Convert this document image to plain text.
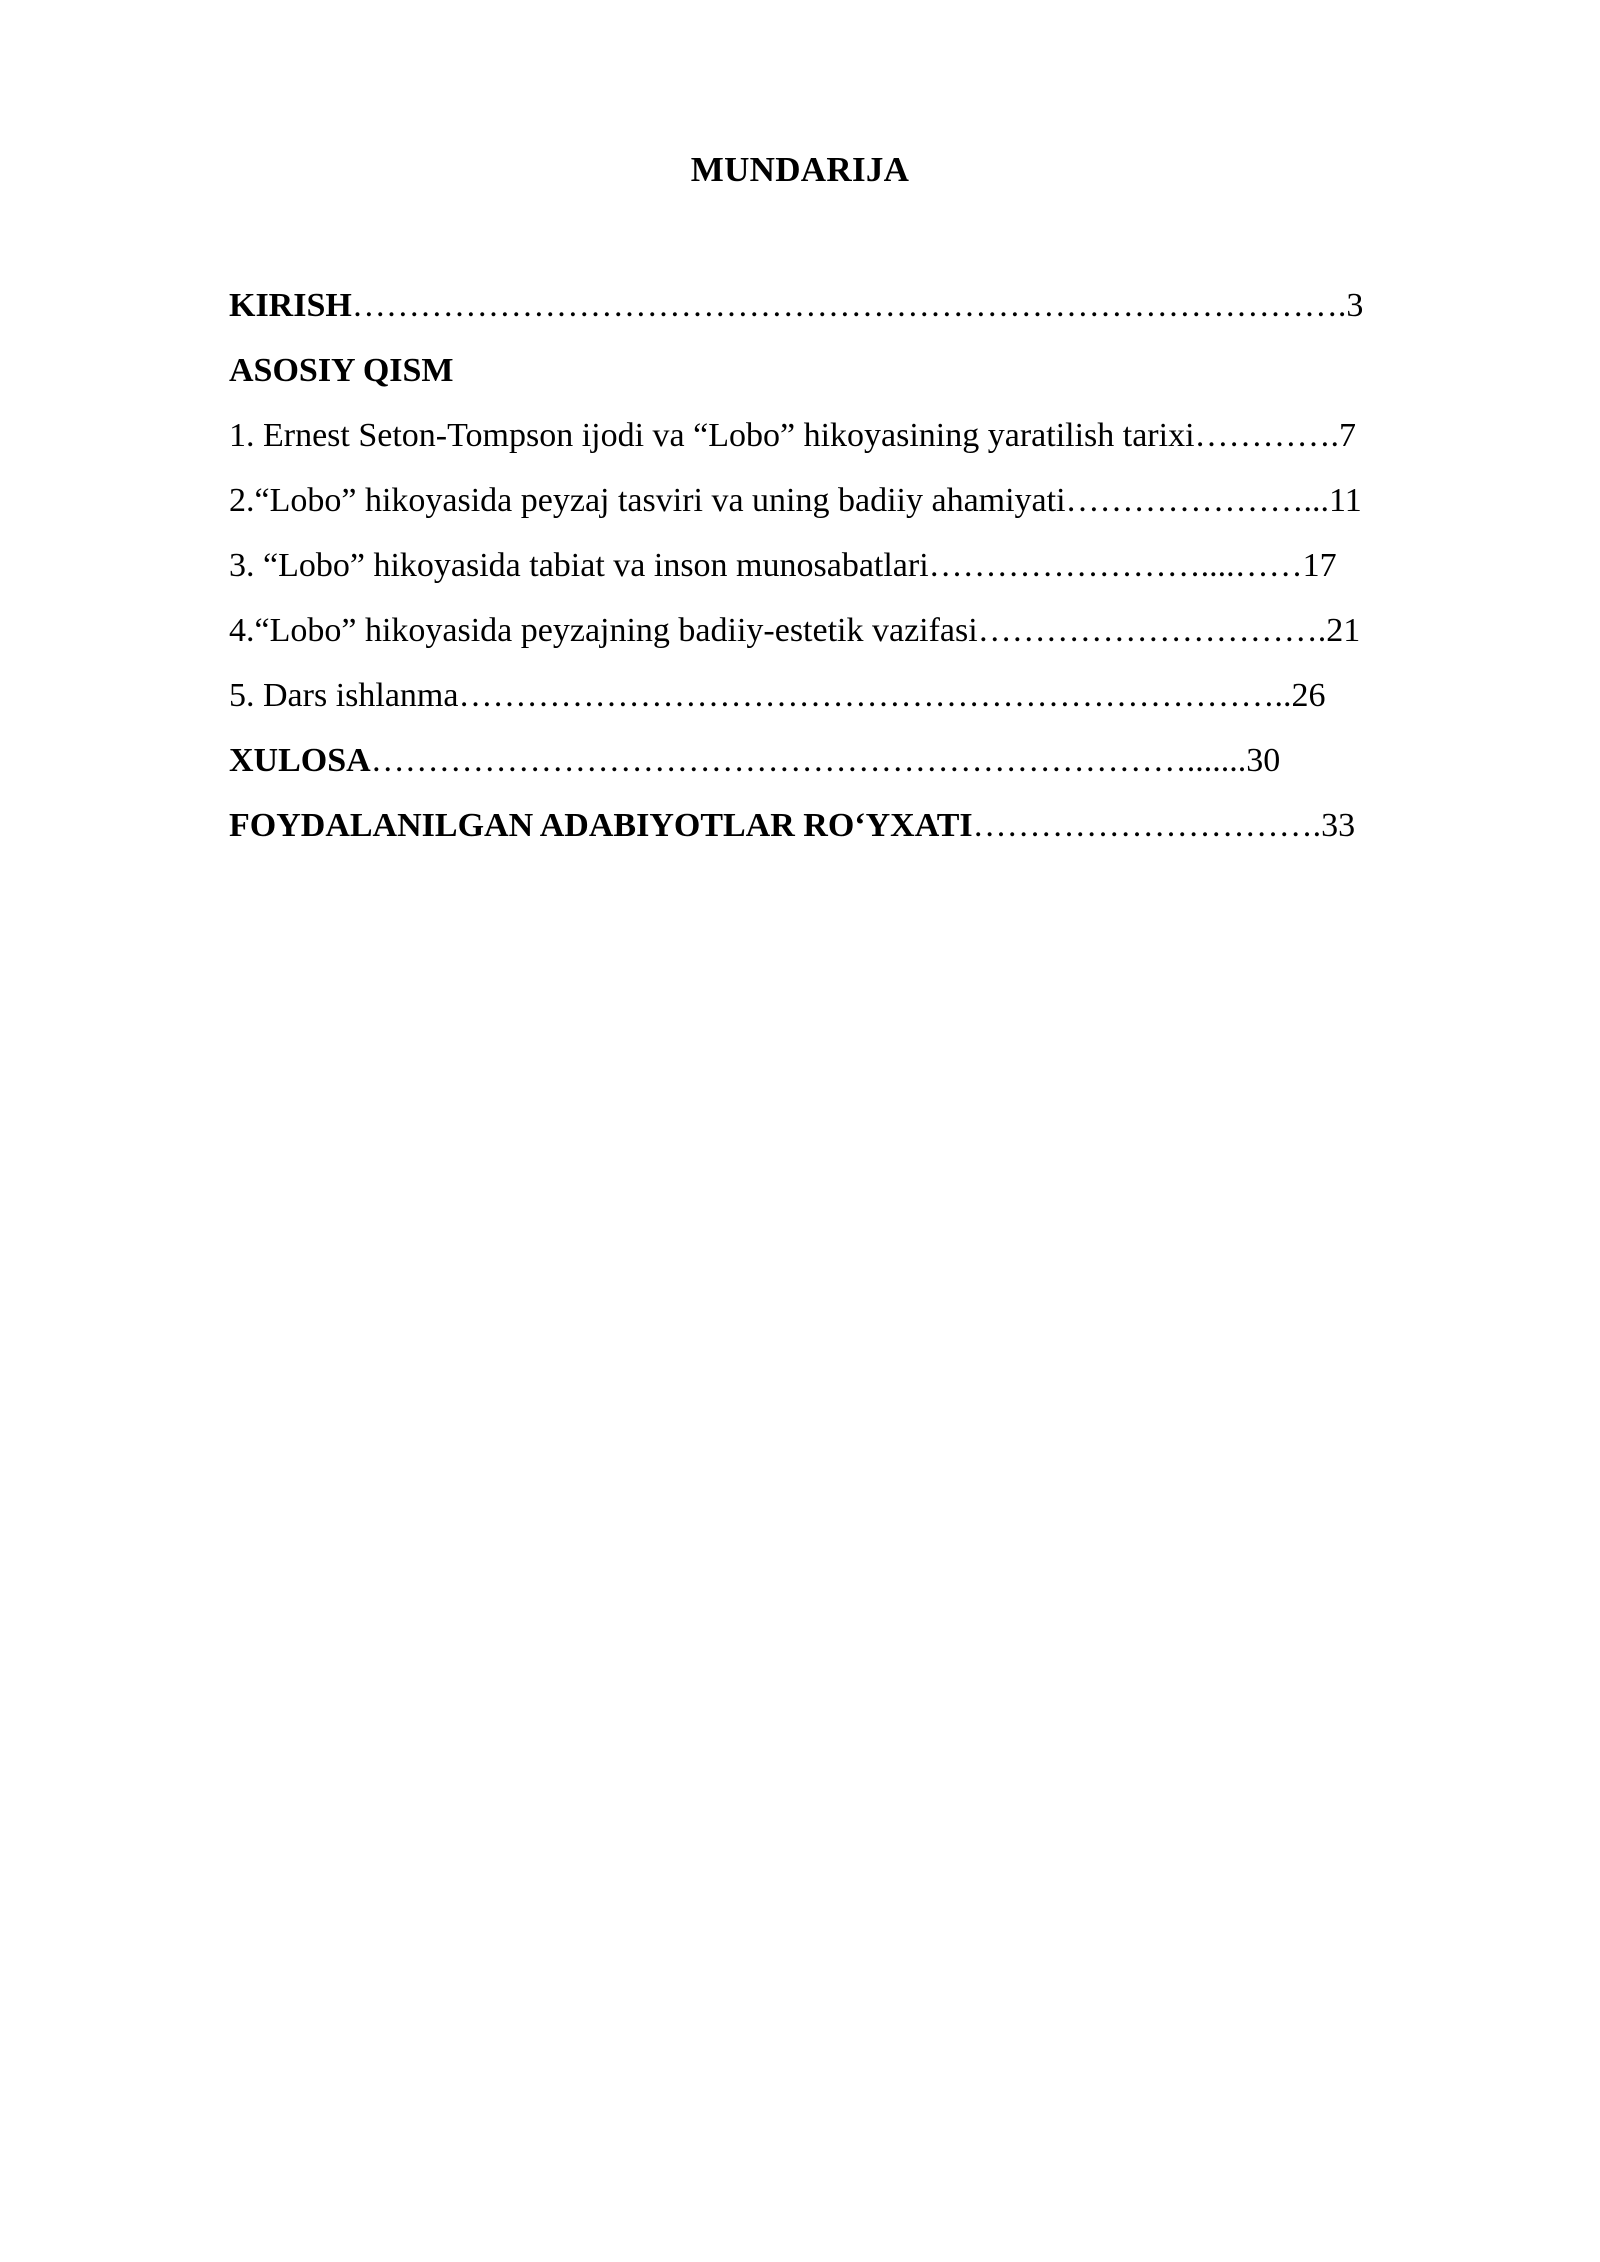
MUNDARIJA
KIRISH…………………………………………………………………………….3
ASOSIY QISM
1. Ernest Seton-Tompson ijodi va “Lobo” hikoyasining yaratilish tarixi………….7
2.“Lobo” hikoyasida peyzaj tasviri va uning badiiy ahamiyati…………………...11
3. “Lobo” hikoyasida tabiat va inson munosabatlari……………………....……17
4.“Lobo” hikoyasida peyzajning badiiy-estetik vazifasi………………………….21
5. Dars ishlanma………………………………………………………………..26
XULOSA……………………………………………………………….......30
FOYDALANILGAN ADABIYOTLAR RO‘YXATI………………………….33
